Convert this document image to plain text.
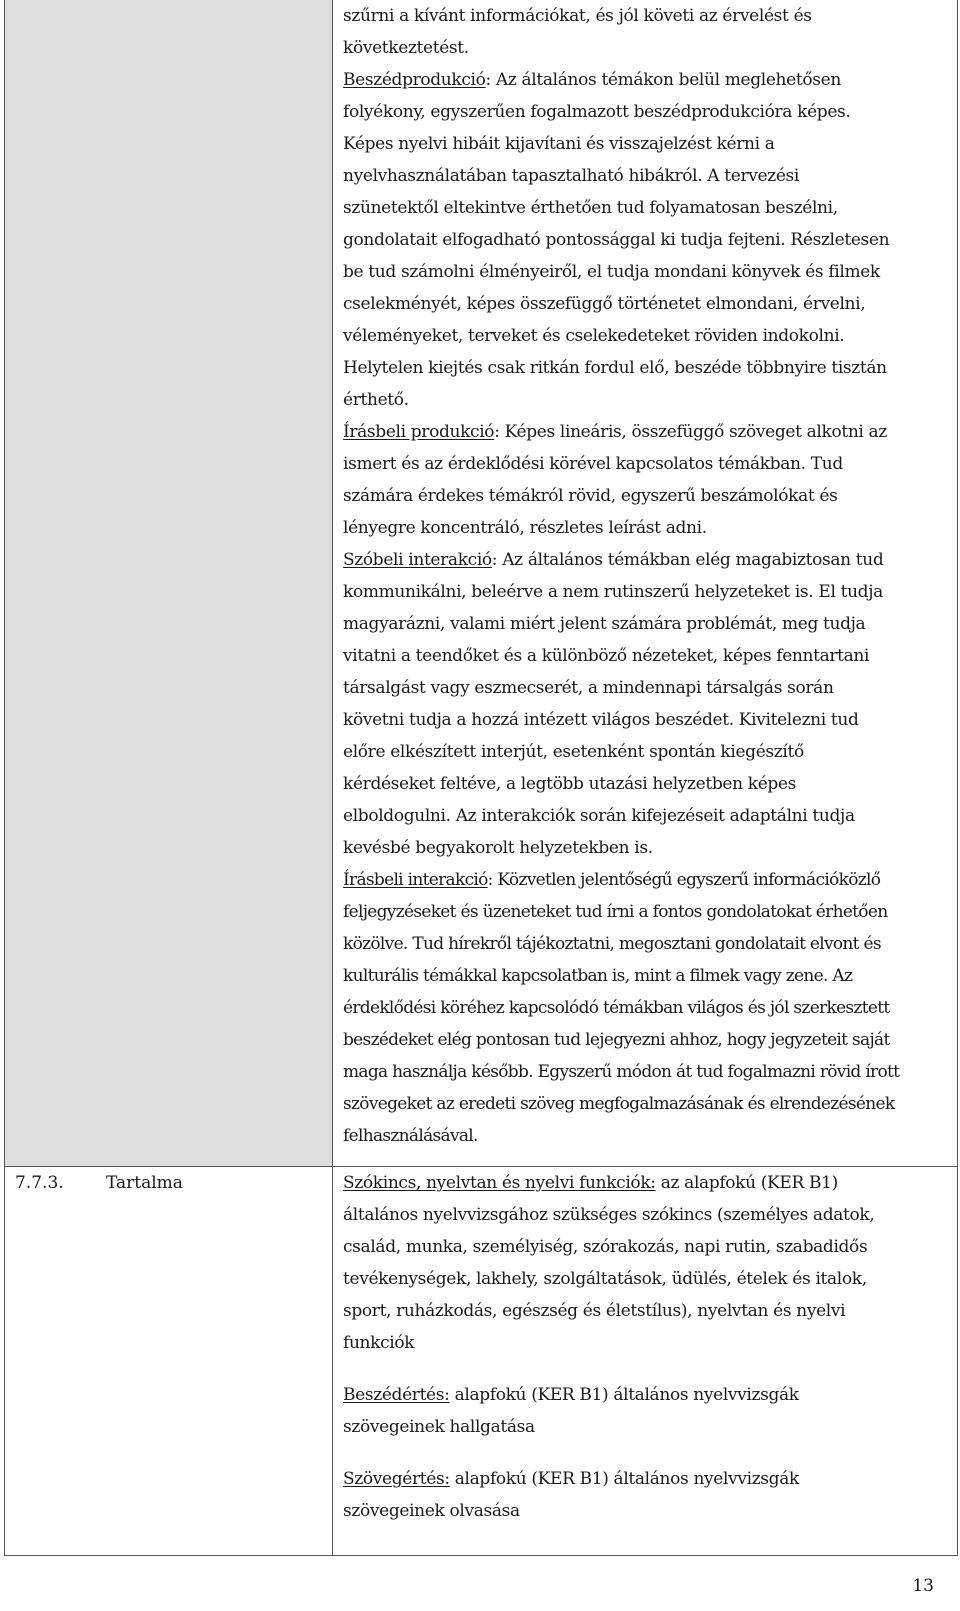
szűrni a kívánt információkat, és jól követi az érvelést és
következtetést.
Beszédprodukció: Az általános témákon belül meglehetősen
folyékony, egyszerűen fogalmazott beszédprodukcióra képes.
Képes nyelvi hibáit kijavítani és visszajelzést kérni a
nyelvhasználatában tapasztalható hibákról. A tervezési
szünetektől eltekintve érthetően tud folyamatosan beszélni,
gondolatait elfogadható pontossággal ki tudja fejteni. Részletesen
be tud számolni élményeiről, el tudja mondani könyvek és filmek
cselekményét, képes összefüggő történetet elmondani, érvelni,
véleményeket, terveket és cselekedeteket röviden indokolni.
Helytelen kiejtés csak ritkán fordul elő, beszéde többnyire tisztán
érthető.
Írásbeli produkció: Képes lineáris, összefüggő szöveget alkotni az
ismert és az érdeklődési körével kapcsolatos témákban. Tud
számára érdekes témákról rövid, egyszerű beszámolókat és
lényegre koncentráló, részletes leírást adni.
Szóbeli interakció: Az általános témákban elég magabiztosan tud
kommunikálni, beleérve a nem rutinszerű helyzeteket is. El tudja
magyarázni, valami miért jelent számára problémát, meg tudja
vitatni a teendőket és a különböző nézeteket, képes fenntartani
társalgást vagy eszmecserét, a mindennapi társalgás során
követni tudja a hozzá intézett világos beszédet. Kivitelezni tud
előre elkészített interjút, esetenként spontán kiegészítő
kérdéseket feltéve, a legtöbb utazási helyzetben képes
elboldogulni. Az interakciók során kifejezéseit adaptálni tudja
kevésbé begyakorolt helyzetekben is.
Írásbeli interakció: Közvetlen jelentőségű egyszerű információközlő
feljegyzéseket és üzeneteket tud írni a fontos gondolatokat érhetően
közölve. Tud hírekről tájékoztatni, megosztani gondolatait elvont és
kulturális témákkal kapcsolatban is, mint a filmek vagy zene. Az
érdeklődési köréhez kapcsolódó témákban világos és jól szerkesztett
beszédeket elég pontosan tud lejegyezni ahhoz, hogy jegyzeteit saját
maga használja később. Egyszerű módon át tud fogalmazni rövid írott
szövegeket az eredeti szöveg megfogalmazásának és elrendezésének
felhasználásával.
7.7.3. Tartalma	Szókincs, nyelvtan és nyelvi funkciók: az alapfokú (KER B1)
általános nyelvvizsgához szükséges szókincs (személyes adatok,
család, munka, személyiség, szórakozás, napi rutin, szabadidős
tevékenységek, lakhely, szolgáltatások, üdülés, ételek és italok,
sport, ruházkodás, egészség és életstílus), nyelvtan és nyelvi
funkciók
Beszédértés: alapfokú (KER B1) általános nyelvvizsgák
szövegeinek hallgatása
Szövegértés: alapfokú (KER B1) általános nyelvvizsgák
szövegeinek olvasása
13
